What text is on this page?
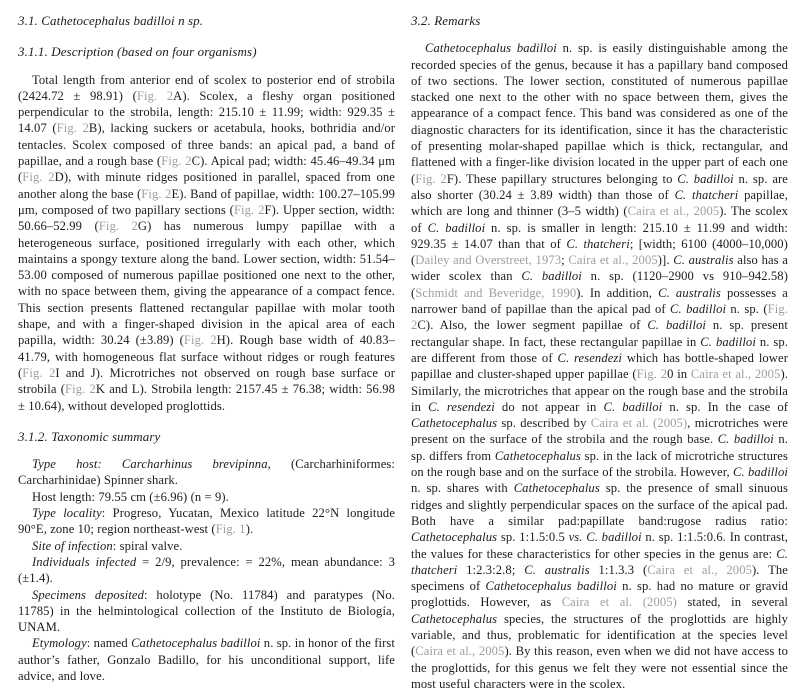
3.1. Cathetocephalus badilloi n sp.
3.1.1. Description (based on four organisms)

Total length from anterior end of scolex to posterior end of strobila (2424.72 ± 98.91) (Fig. 2A). Scolex, a fleshy organ positioned perpendicular to the strobila, length: 215.10 ± 11.99; width: 929.35 ± 14.07 (Fig. 2B), lacking suckers or acetabula, hooks, bothridia and/or tentacles. Scolex composed of three bands: an apical pad, a band of papillae, and a rough base (Fig. 2C). Apical pad; width: 45.46–49.34 μm (Fig. 2D), with minute ridges positioned in parallel, spaced from one another along the base (Fig. 2E). Band of papillae, width: 100.27–105.99 μm, composed of two papillary sections (Fig. 2F). Upper section, width: 50.66–52.99 (Fig. 2G) has numerous lumpy papillae with a heterogeneous surface, positioned irregularly with each other, which maintains a spongy texture along the band. Lower section, width: 51.54–53.00 composed of numerous papillae positioned one next to the other, with no space between them, giving the appearance of a compact fence. This section presents flattened rectangular papillae with molar tooth shape, and with a finger-shaped division in the apical area of each papilla, width: 30.24 (±3.89) (Fig. 2H). Rough base width of 40.83–41.79, with homogeneous flat surface without ridges or rough features (Fig. 2I and J). Microtriches not observed on rough base surface or strobila (Fig. 2K and L). Strobila length: 2157.45 ± 76.38; width: 56.98 ± 10.64), without developed proglottids.

3.1.2. Taxonomic summary

Type host: Carcharhinus brevipinna, (Carcharhiniformes: Carcharhinidae) Spinner shark.

Host length: 79.55 cm (±6.96) (n = 9).

Type locality: Progreso, Yucatan, Mexico latitude 22°N longitude 90°E, zone 10; region northeast-west (Fig. 1).

Site of infection: spiral valve.

Individuals infected = 2/9, prevalence: = 22%, mean abundance: 3 (±1.4).

Specimens deposited: holotype (No. 11784) and paratypes (No. 11785) in the helmintological collection of the Instituto de Biología, UNAM.

Etymology: named Cathetocephalus badilloi n. sp. in honor of the first author’s father, Gonzalo Badillo, for his unconditional support, life advice, and love.

3.2. Remarks

Cathetocephalus badilloi n. sp. is easily distinguishable among the recorded species of the genus, because it has a papillary band composed of two sections. The lower section, constituted of numerous papillae stacked one next to the other with no space between them, gives the appearance of a compact fence. This band was considered as one of the diagnostic characters for its identification, since it has the characteristic of presenting molar-shaped papillae which is thick, rectangular, and flattened with a finger-like division located in the upper part of each one (Fig. 2F). These papillary structures belonging to C. badilloi n. sp. are also shorter (30.24 ± 3.89 width) than those of C. thatcheri papillae, which are long and thinner (3–5 width) (Caira et al., 2005). The scolex of C. badilloi n. sp. is smaller in length: 215.10 ± 11.99 and width: 929.35 ± 14.07 than that of C. thatcheri; [width; 6100 (4000–10,000) (Dailey and Overstreet, 1973; Caira et al., 2005)]. C. australis also has a wider scolex than C. badilloi n. sp. (1120–2900 vs 910–942.58) (Schmidt and Beveridge, 1990). In addition, C. australis possesses a narrower band of papillae than the apical pad of C. badilloi n. sp. (Fig. 2C). Also, the lower segment papillae of C. badilloi n. sp. present rectangular shape. In fact, these rectangular papillae in C. badilloi n. sp. are different from those of C. resendezi which has bottle-shaped lower papillae and cluster-shaped upper papillae (Fig. 20 in Caira et al., 2005). Similarly, the microtriches that appear on the rough base and the strobila in C. resendezi do not appear in C. badilloi n. sp. In the case of Cathetocephalus sp. described by Caira et al. (2005), microtriches were present on the surface of the strobila and the rough base. C. badilloi n. sp. differs from Cathetocephalus sp. in the lack of microtriche structures on the rough base and on the surface of the strobila. However, C. badilloi n. sp. shares with Cathetocephalus sp. the presence of small sinuous ridges and slightly perpendicular spaces on the surface of the apical pad. Both have a similar pad:papillate band:rugose radius ratio: Cathetocephalus sp. 1:1.5:0.5 vs. C. badilloi n. sp. 1:1.5:0.6. In contrast, the values for these characteristics for other species in the genus are: C. thatcheri 1:2.3:2.8; C. australis 1:1.3.3 (Caira et al., 2005). The specimens of Cathetocephalus badilloi n. sp. had no mature or gravid proglottids. However, as Caira et al. (2005) stated, in several Cathetocephalus species, the structures of the proglottids are highly variable, and thus, problematic for identification at the species level (Caira et al., 2005). By this reason, even when we did not have access to the proglottids, for this genus we felt they were not essential since the most useful characters were in the scolex.
